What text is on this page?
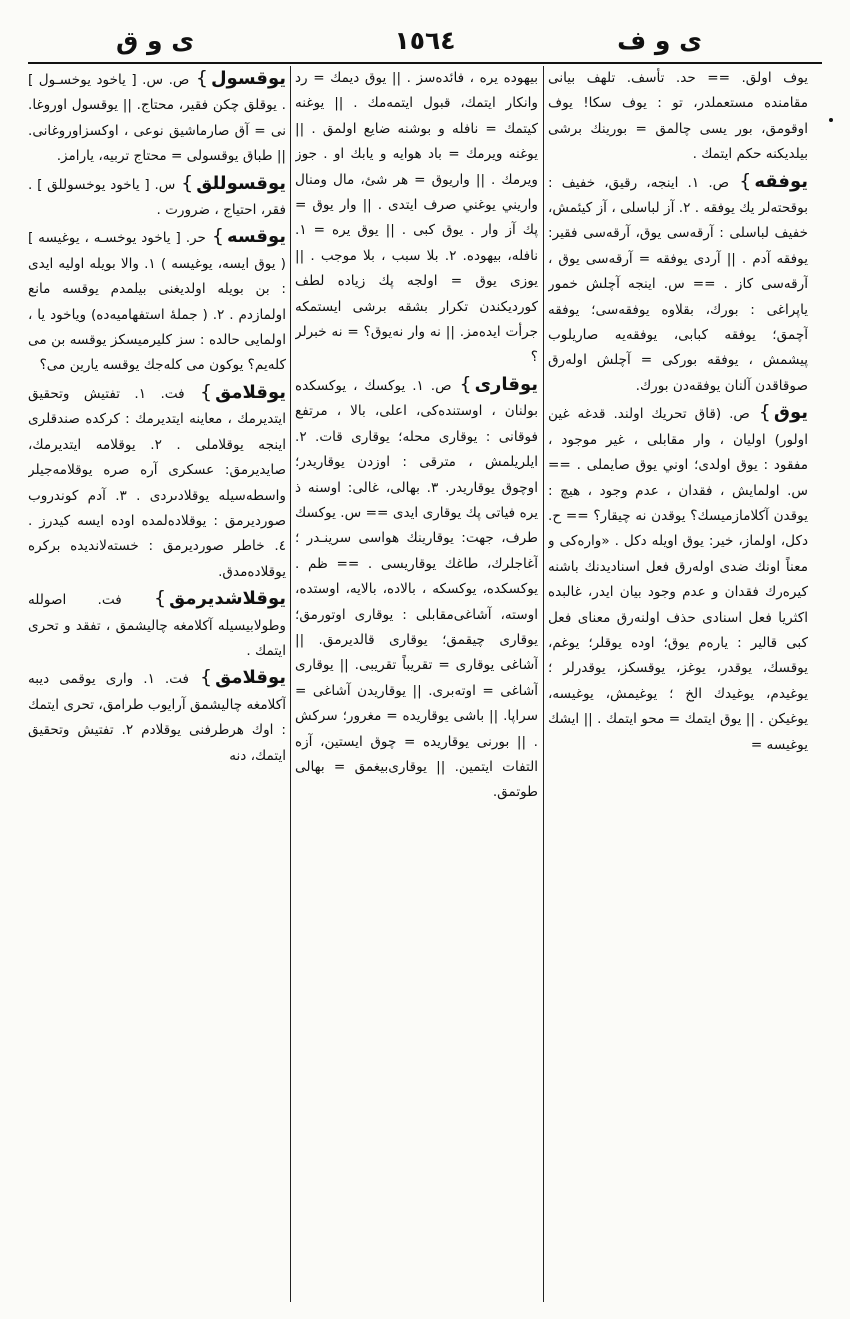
ى و ف
١٥٦٤
ى و ق

يوف اولق. == حد. تأسف. تلهف بيانى مقامنده مستعملدر، تو : يوف سكا! يوف اوقومق، بور يسى چالمق = بورينك برشى بيلديكنه حكم ايتمك .

يوفقه} ص. ١. اينجه، رقيق، خفيف : بوقحته‌لر يك يوفقه . ٢. آز لباسلى ، آز كيئمش، خفيف لباسلى : آرقه‌سى يوق، آرقه‌سى فقير: يوفقه آدم . || آردى يوفقه = آرقه‌سى يوق ، آرقه‌سى كاز . == س. اينجه آچلش خمور ياپراغى : بورك، بقلاوه يوفقه‌سى؛ يوفقه آچمق؛ يوفقه كبابى، يوفقه‌يه صاريلوب پيشمش ، يوفقه بوركى = آچلش اوله‌رق صوقاقدن آلنان يوفقه‌دن بورك.

يوق} ص. (قاق تحريك اولند. قدغه غين اولور) اوليان ، وار مقابلى ، غير موجود ، مفقود : يوق اولدى؛ اوني يوق صايملى . == س. اولمايش ، فقدان ، عدم وجود ، هيچ : يوقدن آكلامازميسك؟ يوقدن نه چيقار؟ == ح. دكل، اولماز، خير: يوق اويله دكل . «واره‌كى و معناً اونك ضدى اوله‌رق فعل اسناديدنك باشنه كيره‌رك فقدان و عدم وجود بيان ايدر، غالبده اكثريا فعل اسنادى حذف اولنه‌رق معناى فعل كبى قالير : يارەم يوق؛ اوده يوقلر؛ يوغم، يوقسك، يوقدر، يوغز، يوقسكز، يوقدرلر ؛ يوغيدم، يوغيدك الخ ؛ يوغيمش، يوغيسه، يوغيكن . || يوق ايتمك = محو ايتمك . || ايشك يوغيسه =

بيهوده يره ، فائده‌سز . || يوق ديمك = رد وانكار ايتمك، قبول ايتمه‌مك . || يوغنه كيتمك = نافله و بوشنه ضايع اولمق . || يوغنه ويرمك = باد هوايه و يابك او . جوز ويرمك . || واريوق = هر شئ، مال ومنال واريني يوغني صرف ايتدى . || وار يوق = پك آز وار . يوق كبى . || يوق يره = ١. نافله، بيهوده. ٢. بلا سبب ، بلا موجب . || يوزى يوق = اولجه پك زياده لطف كورديكندن تكرار بشقه برشى ايستمكه جرأت ايده‌مز. || نه وار نه‌يوق؟ = نه خبرلر ؟

يوقارى} ص. ١. يوكسك ، يوكسكده بولنان ، اوستنده‌كى، اعلى، بالا ، مرتفع فوقانى : يوقارى محله؛ يوقارى قات. ٢. ايلريلمش ، مترقى : اوزدن يوقاريدر؛ اوچوق يوقاريدر. ٣. بهالى، غالى: اوسنه ذ يره فياتى پك يوقارى ايدى == س. يوكسك طرف، جهت: يوقارينك هواسى سرينـدر ؛ آغاجلرك، طاغك يوقاريسى . == ظم . يوكسكده، يوكسكه ، بالاده، بالايه، اوستده، اوستە، آشاغى‌مقابلى : يوقارى اوتورمق؛ يوقارى چيقمق؛ يوقارى قالديرمق. || آشاغى يوقارى = تقريباً تقريبى. || يوقارى آشاغى = اوته‌برى. || يوقاريدن آشاغى = سراپا. || باشى يوقاريده = مغرور؛ سركش . || بورنى يوقاريده = چوق ايستين، آزه التفات ايتمين. || يوقارى‌بيغمق = بهالى طوتمق.

يوقسول} ص. س. [ ياخود يوخسـول ] . يوقلق چكن فقير، محتاج. || يوقسول اوروغا. نى = آق صارماشيق نوعى ، اوكسزاوروغانى. || طباق يوقسولى = محتاج تربيه، يارامز.

يوقسوللق} س. [ ياخود يوخسوللق ] . فقر، احتياج ، ضرورت .

يوقسه} حر. [ ياخود يوخسـه ، يوغيسه ] ( يوق ايسه، يوغيسه ) ١. والا بويله اوليه ايدى : بن بويله اولديغنى بيلمدم يوقسه مانع اولمازدم . ٢. ( جملهٔ استفهاميه‌ده) وياخود يا ، اولمايى حالده : سز كليرميسكز يوقسه بن مى كله‌يم؟ يوكون مى كله‌جك يوقسه يارين مى؟

يوقلامق} فت. ١. تفتيش وتحقيق ايتديرمك ، معاينه ايتديرمك : كركده صندقلرى اينجه يوقلاملى . ٢. يوقلامه ايتديرمك، صايديرمق: عسكرى آره صره يوقلامه‌جيلر واسطه‌سيله يوقلادىردى . ٣. آدم كوندروب صورديرمق : يوقلاده‌لمده اوده ايسه كيدرز . ٤. خاطر صورديرمق : خسته‌لانديده بركره يوقلاده‌مدق.

يوقلاشديرمق} فت. اصولله وطولابيسيله آكلامغه چاليشمق ، تفقد و تحرى ايتمك .

يوقلامق} فت. ١. وارى يوقمى ديبه آكلامغه چاليشمق آرايوب طرامق، تحرى ايتمك : اوك هرطرفنى يوقلادم ٢. تفتيش وتحقيق ايتمك، دنه‌
